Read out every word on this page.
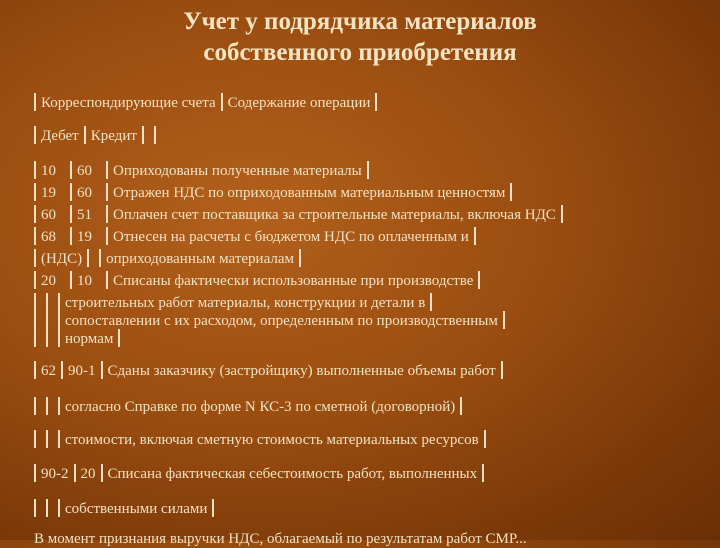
Учет у подрядчика материалов
собственного приобретения
Корреспондирующие счета Содержание операции
Дебет Кредит
10 60 Оприходованы полученные материалы
19 60 Отражен НДС по оприходованным материальным ценностям
60 51 Оплачен счет поставщика за строительные материалы, включая НДС
68 19 Отнесен на расчеты с бюджетом НДС по оплаченным и
(НДС) оприходованным материалам
20 10 Списаны фактически использованные при производстве
строительных работ материалы, конструкции и детали в
сопоставлении с их расходом, определенным по производственным
нормам
62 90-1 Сданы заказчику (застройщику) выполненные объемы работ
согласно Справке по форме N КС-3 по сметной (договорной)
стоимости, включая сметную стоимость материальных ресурсов
90-2 20 Списана фактическая себестоимость работ, выполненных
собственными силами
В момент признания выручки НДС, облагаемый по результатам работ СМР...
